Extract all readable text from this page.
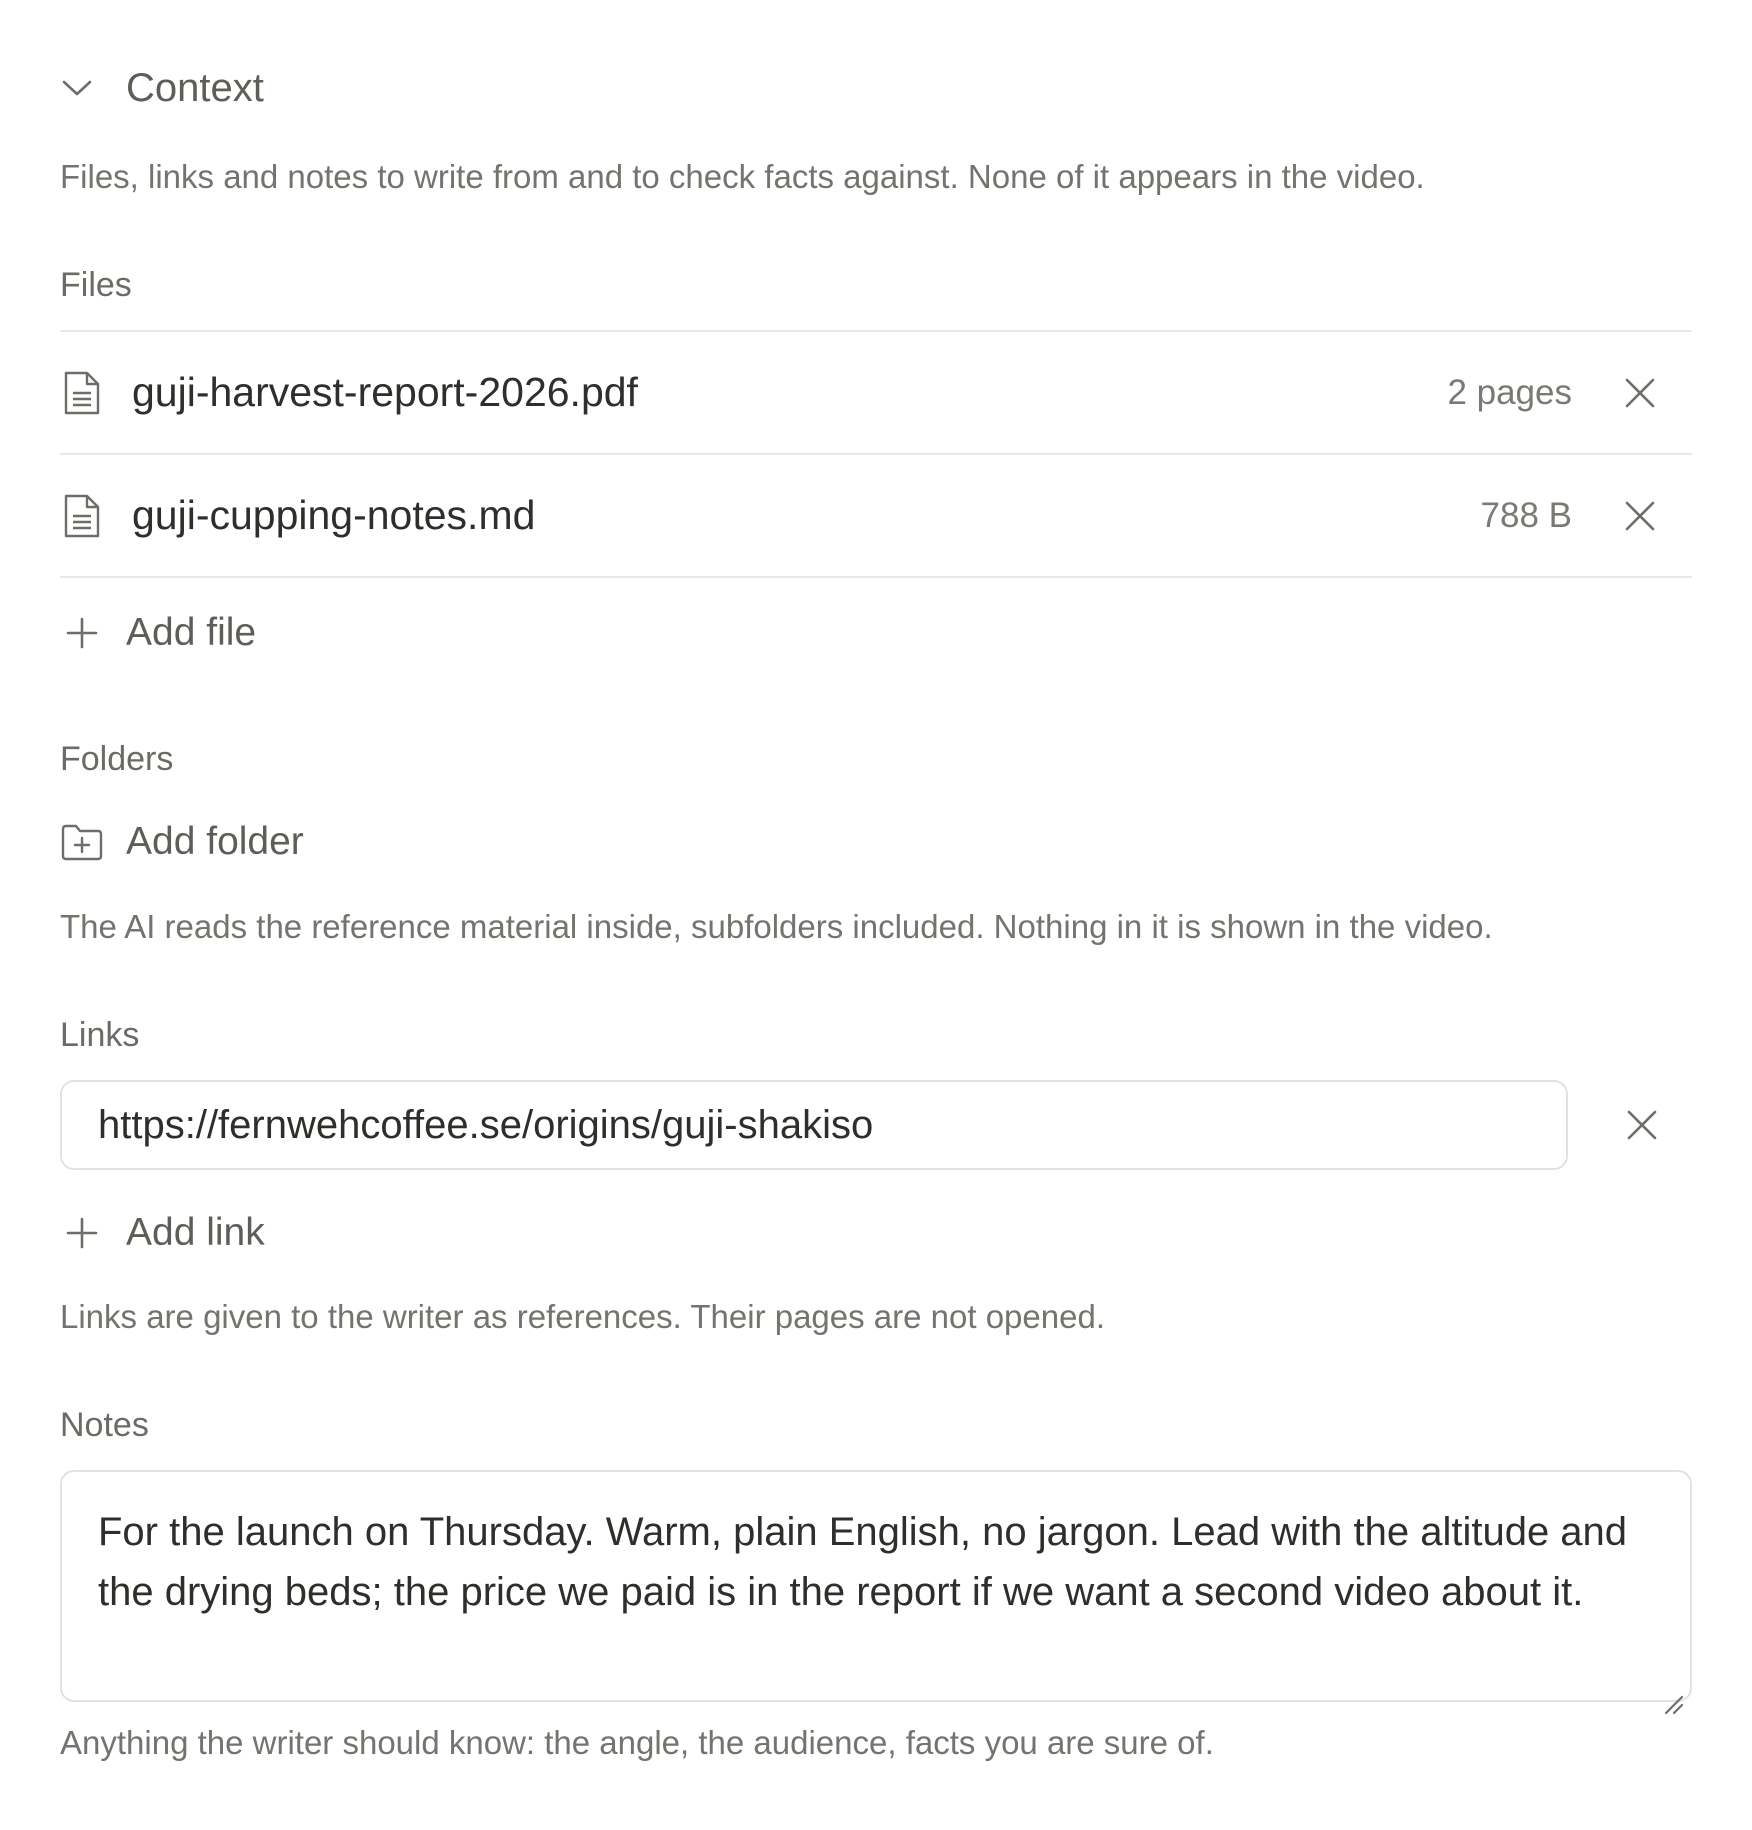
Context
Files, links and notes to write from and to check facts against. None of it appears in the video.
Files
guji-harvest-report-2026.pdf	2 pages
guji-cupping-notes.md	788 B
Add file
Folders
Add folder
The AI reads the reference material inside, subfolders included. Nothing in it is shown in the video.
Links
https://fernwehcoffee.se/origins/guji-shakiso
Add link
Links are given to the writer as references. Their pages are not opened.
Notes
For the launch on Thursday. Warm, plain English, no jargon. Lead with the altitude and the drying beds; the price we paid is in the report if we want a second video about it.
Anything the writer should know: the angle, the audience, facts you are sure of.
